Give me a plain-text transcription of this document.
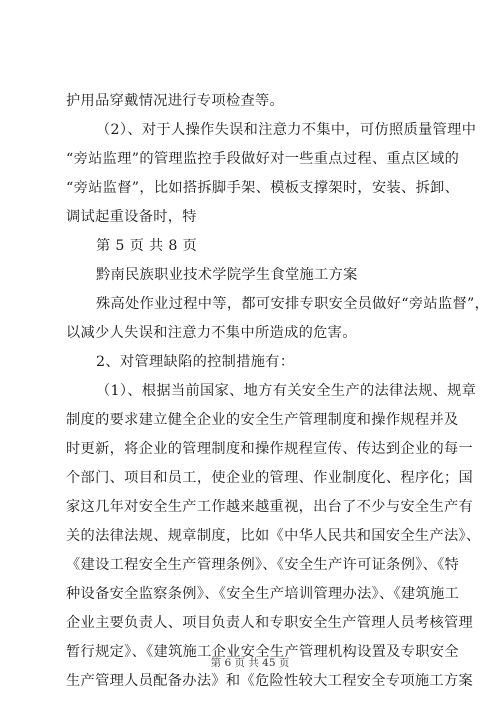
护用品穿戴情况进行专项检查等。
（2）、对于人操作失误和注意力不集中，可仿照质量管理中
“旁站监理”的管理监控手段做好对一些重点过程、重点区域的
“旁站监督”，比如搭拆脚手架、模板支撑架时，安装、拆卸、
调试起重设备时，特
第 5 页 共 8 页
黔南民族职业技术学院学生食堂施工方案
殊高处作业过程中等，都可安排专职安全员做好“旁站监督”，
以减少人失误和注意力不集中所造成的危害。
2、对管理缺陷的控制措施有：
（1）、根据当前国家、地方有关安全生产的法律法规、规章
制度的要求建立健全企业的安全生产管理制度和操作规程并及
时更新，将企业的管理制度和操作规程宣传、传达到企业的每一
个部门、项目和员工，使企业的管理、作业制度化、程序化；国
家这几年对安全生产工作越来越重视，出台了不少与安全生产有
关的法律法规、规章制度，比如《中华人民共和国安全生产法》、
《建设工程安全生产管理条例》、《安全生产许可证条例》、《特
种设备安全监察条例》、《安全生产培训管理办法》、《建筑施工
企业主要负责人、项目负责人和专职安全生产管理人员考核管理
暂行规定》、《建筑施工企业安全生产管理机构设置及专职安全
生产管理人员配备办法》和《危险性较大工程安全专项施工方案
第 6 页 共 45 页
